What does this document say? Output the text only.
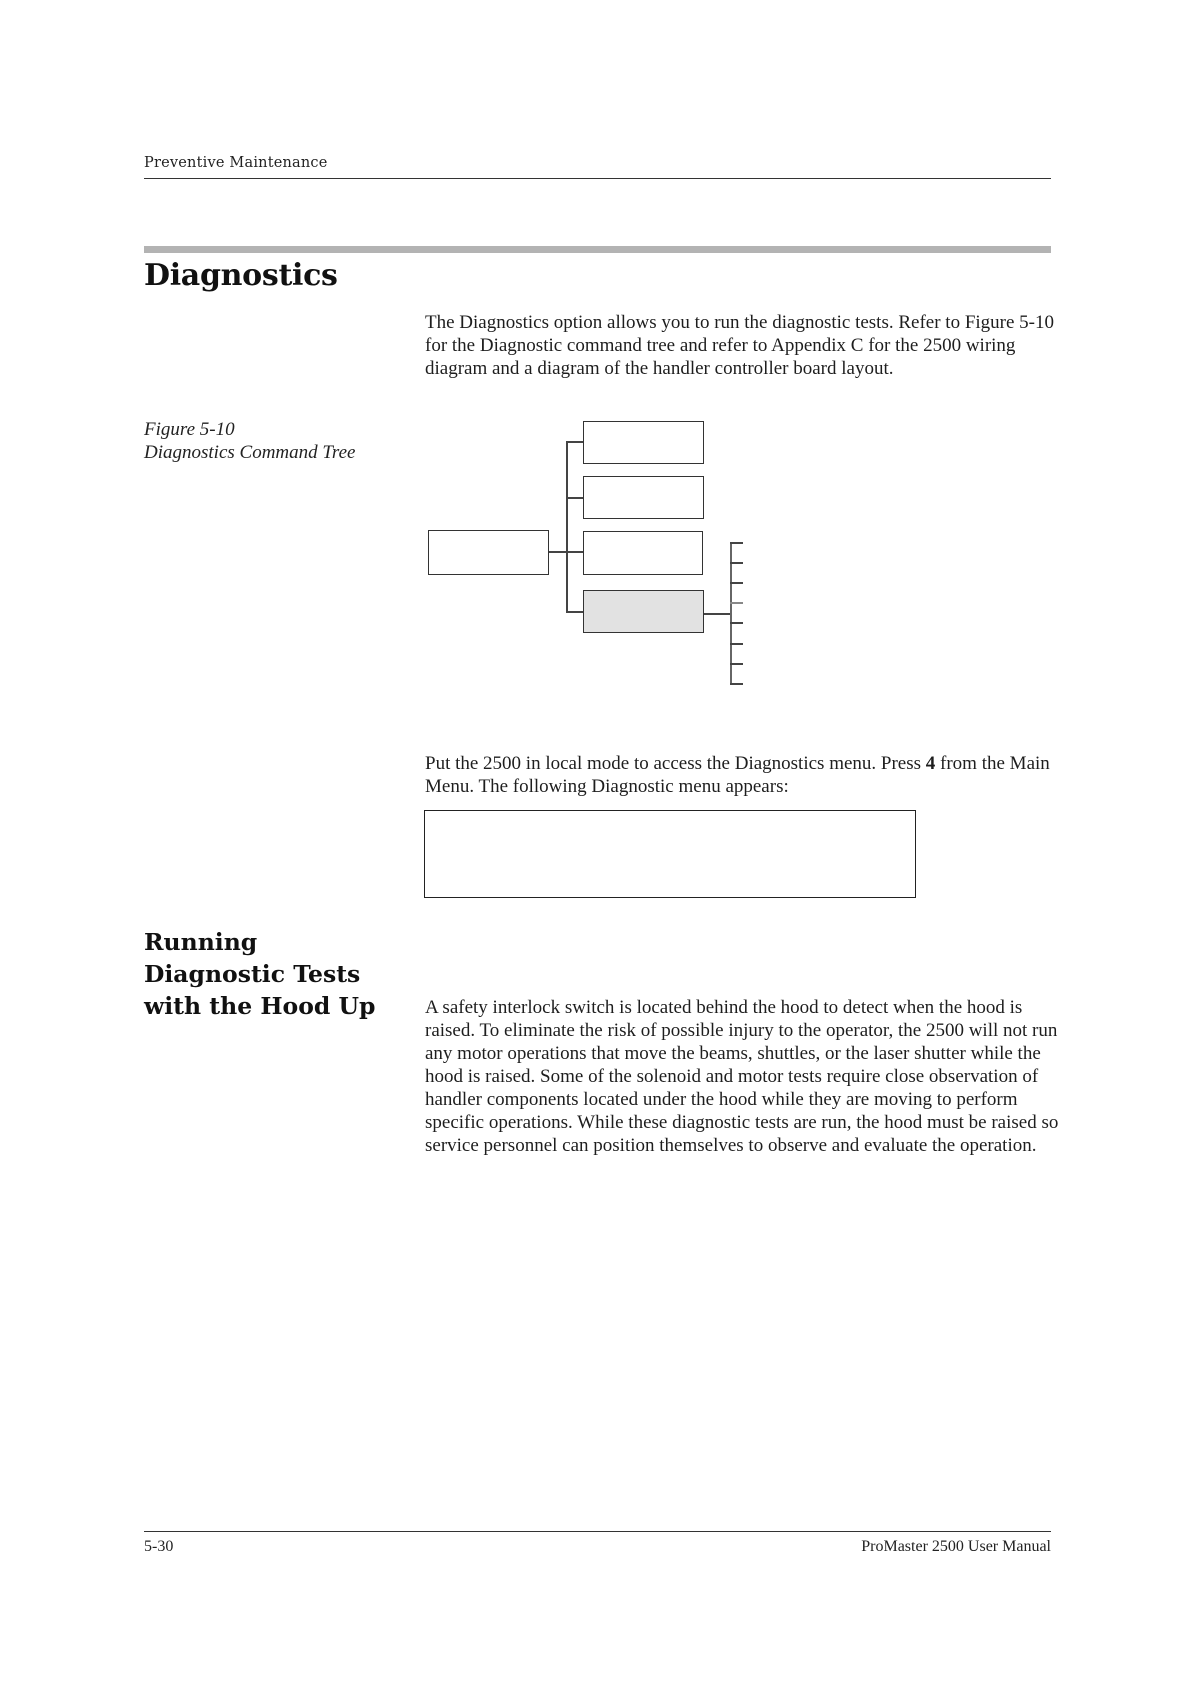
Preventive Maintenance
Diagnostics
The Diagnostics option allows you to run the diagnostic tests. Refer to Figure 5-10 for the Diagnostic command tree and refer to Appendix C for the 2500 wiring diagram and a diagram of the handler controller board layout.
Figure 5-10
Diagnostics Command Tree
Put the 2500 in local mode to access the Diagnostics menu. Press 4 from the Main Menu. The following Diagnostic menu appears:
Running Diagnostic Tests with the Hood Up	A safety interlock switch is located behind the hood to detect when the hood is raised. To eliminate the risk of possible injury to the operator, the 2500 will not run any motor operations that move the beams, shuttles, or the laser shutter while the hood is raised. Some of the solenoid and motor tests require close observation of handler components located under the hood while they are moving to perform specific operations. While these diagnostic tests are run, the hood must be raised so service personnel can position themselves to observe and evaluate the operation.
5-30	ProMaster 2500 User Manual
